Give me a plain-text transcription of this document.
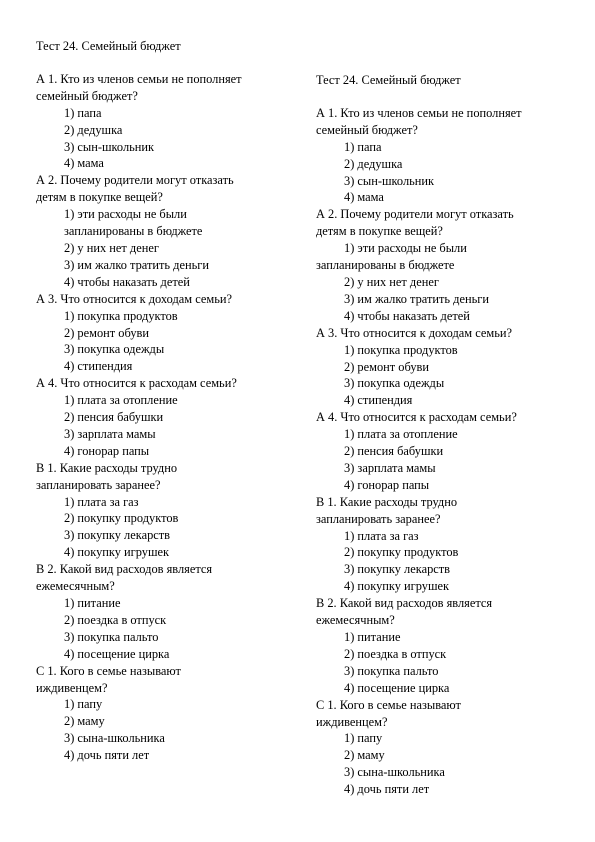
Тест 24. Семейный бюджет
А 1. Кто из членов семьи не пополняет
семейный бюджет?
1) папа
2) дедушка
3) сын-школьник
4) мама
А 2. Почему родители могут отказать
детям в покупке вещей?
1) эти расходы не были
запланированы в бюджете
2) у них нет денег
3) им жалко тратить деньги
4) чтобы наказать детей
А 3. Что относится к доходам семьи?
1) покупка продуктов
2) ремонт обуви
3) покупка одежды
4) стипендия
А 4. Что относится к расходам семьи?
1) плата за отопление
2) пенсия бабушки
3) зарплата мамы
4) гонорар папы
В 1. Какие расходы трудно
запланировать заранее?
1) плата за газ
2) покупку продуктов
3) покупку лекарств
4) покупку игрушек
В 2. Какой вид расходов является
ежемесячным?
1) питание
2) поездка в отпуск
3) покупка пальто
4) посещение цирка
С 1. Кого в семье называют
иждивенцем?
1) папу
2) маму
3) сына-школьника
4) дочь пяти лет
Тест 24. Семейный бюджет
А 1. Кто из членов семьи не пополняет
семейный бюджет?
1) папа
2) дедушка
3) сын-школьник
4) мама
А 2. Почему родители могут отказать
детям в покупке вещей?
1) эти расходы не были
запланированы в бюджете
2) у них нет денег
3) им жалко тратить деньги
4) чтобы наказать детей
А 3. Что относится к доходам семьи?
1) покупка продуктов
2) ремонт обуви
3) покупка одежды
4) стипендия
А 4. Что относится к расходам семьи?
1) плата за отопление
2) пенсия бабушки
3) зарплата мамы
4) гонорар папы
В 1. Какие расходы трудно
запланировать заранее?
1) плата за газ
2) покупку продуктов
3) покупку лекарств
4) покупку игрушек
В 2. Какой вид расходов является
ежемесячным?
1) питание
2) поездка в отпуск
3) покупка пальто
4) посещение цирка
С 1. Кого в семье называют
иждивенцем?
1) папу
2) маму
3) сына-школьника
4) дочь пяти лет
